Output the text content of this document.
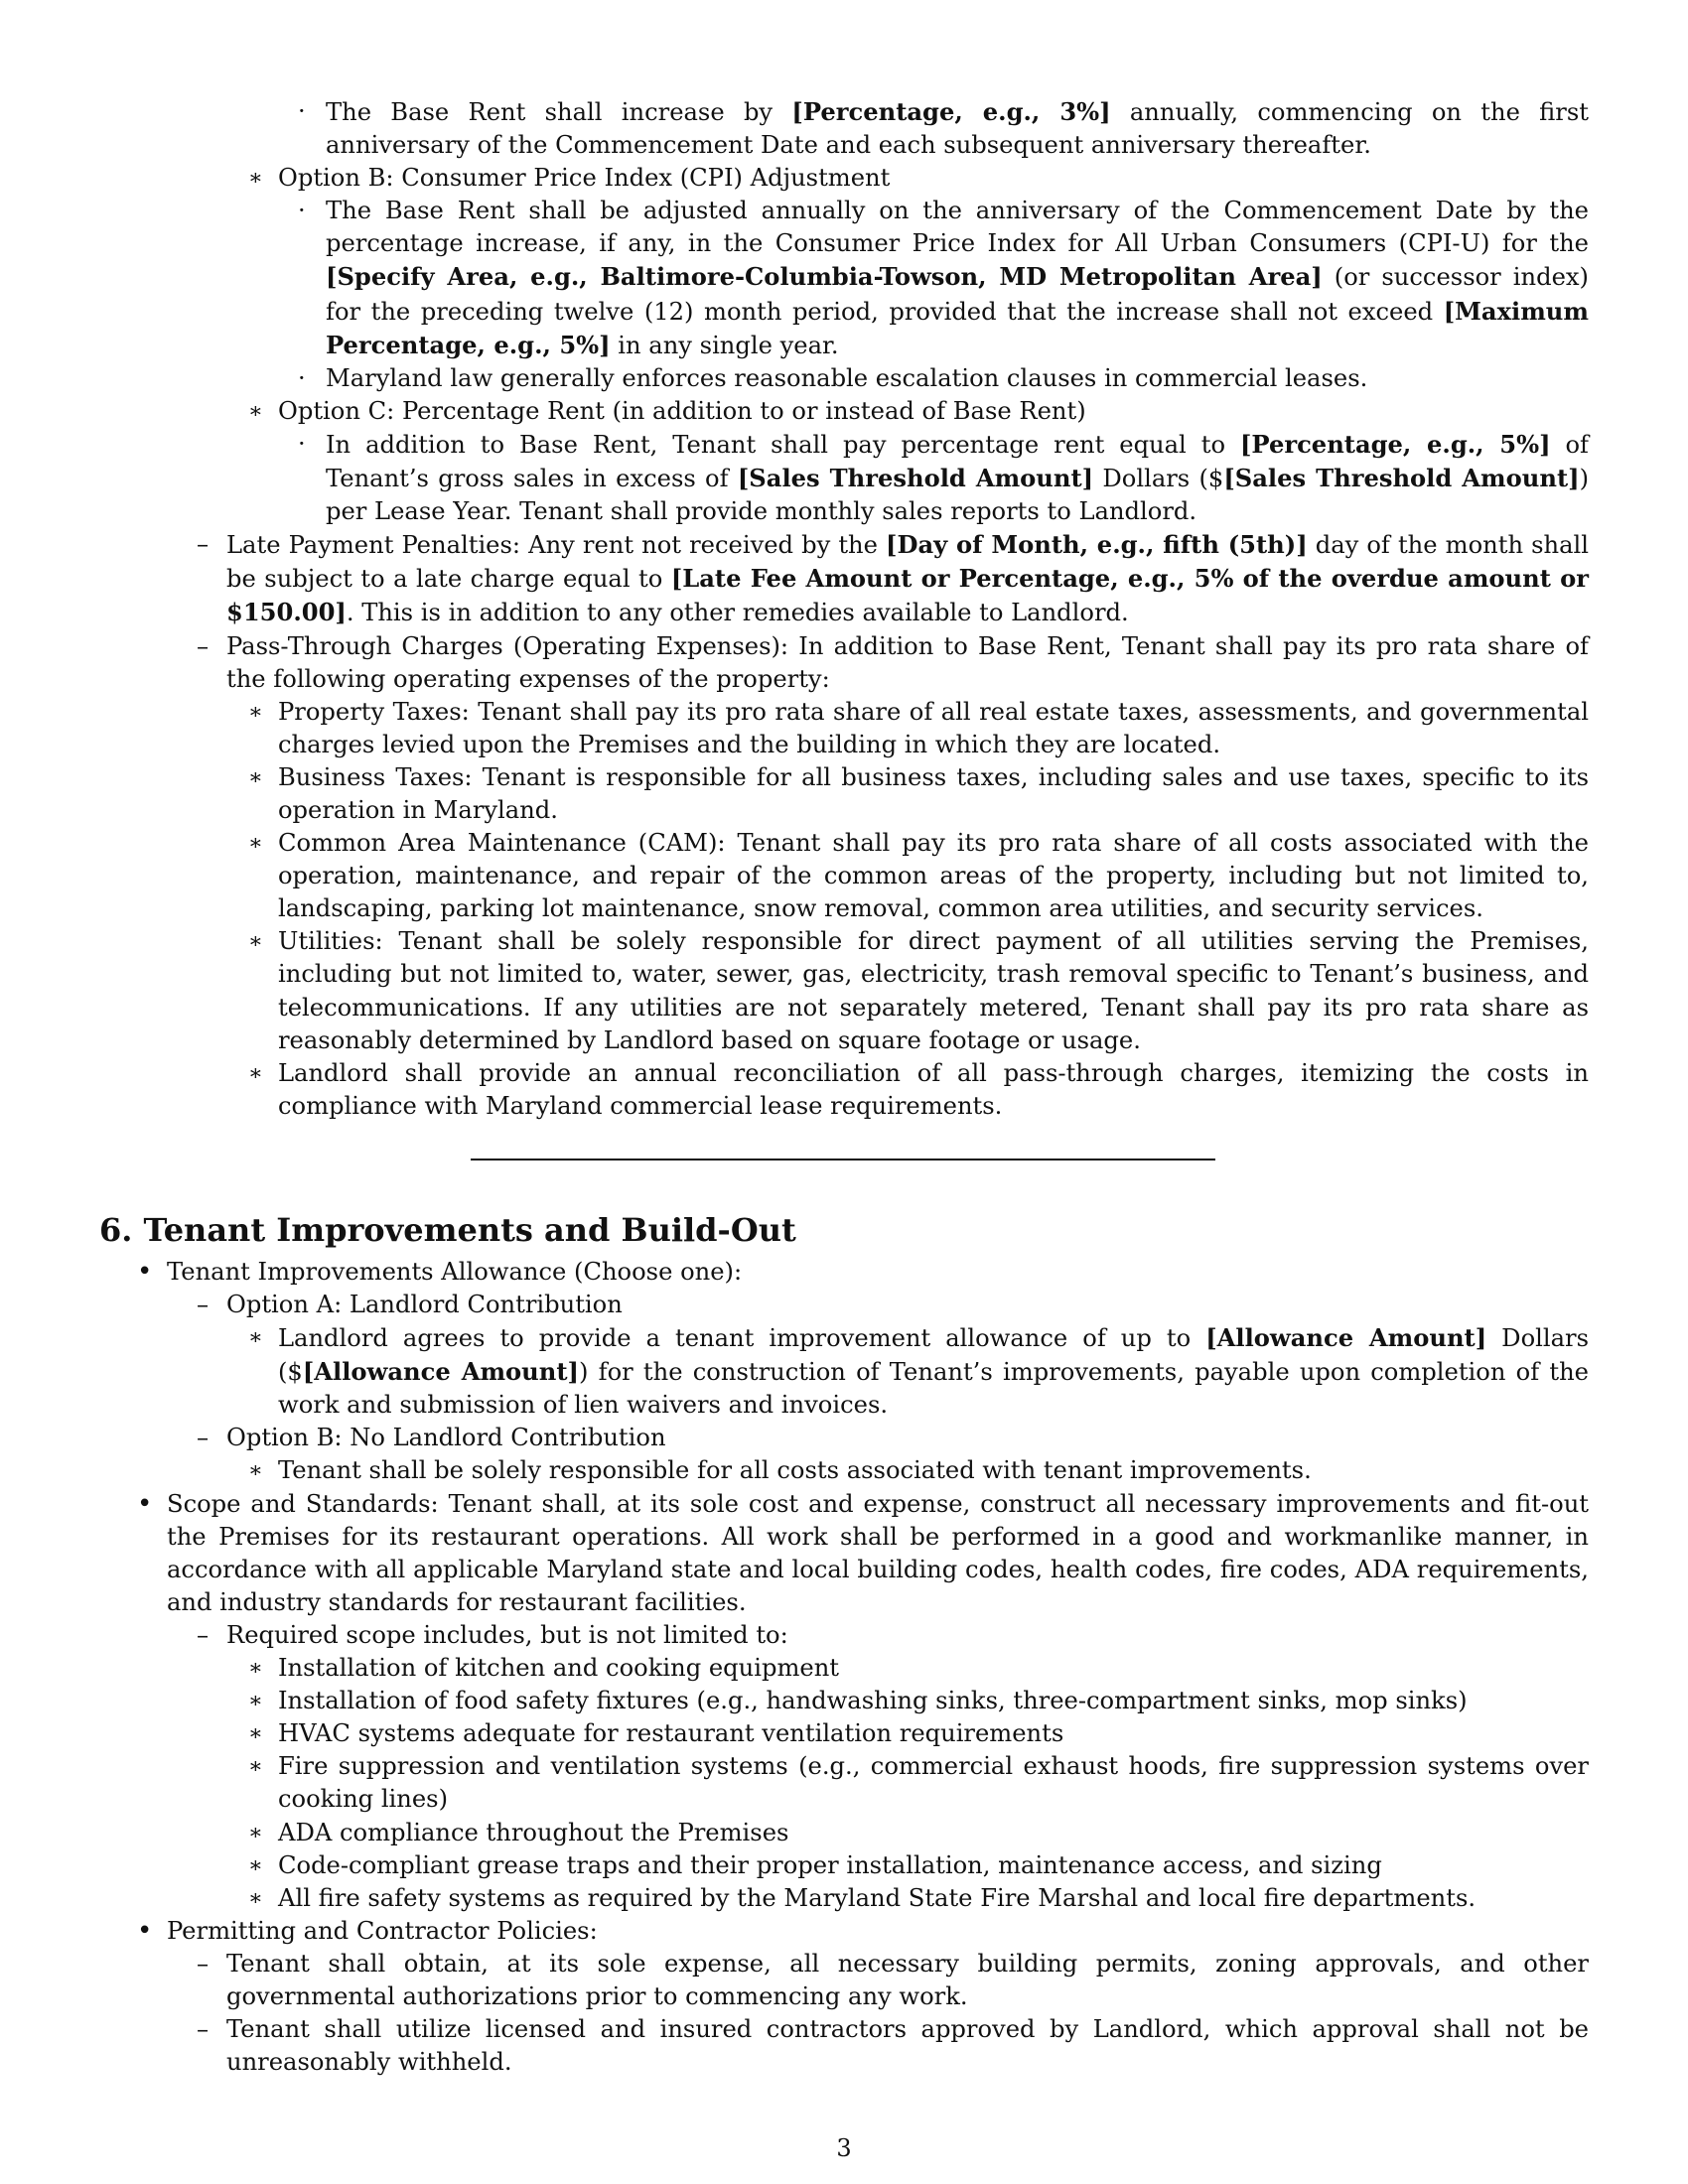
· The Base Rent shall increase by [Percentage, e.g., 3%] annually, commencing on the first anniversary of the Commencement Date and each subsequent anniversary thereafter.
∗ Option B: Consumer Price Index (CPI) Adjustment
· The Base Rent shall be adjusted annually on the anniversary of the Commencement Date by the percentage increase, if any, in the Consumer Price Index for All Urban Consumers (CPI-U) for the [Specify Area, e.g., Baltimore-Columbia-Towson, MD Metropolitan Area] (or successor index) for the preceding twelve (12) month period, provided that the increase shall not exceed [Maximum Percentage, e.g., 5%] in any single year.
· Maryland law generally enforces reasonable escalation clauses in commercial leases.
∗ Option C: Percentage Rent (in addition to or instead of Base Rent)
· In addition to Base Rent, Tenant shall pay percentage rent equal to [Percentage, e.g., 5%] of Tenant’s gross sales in excess of [Sales Threshold Amount] Dollars ($[Sales Threshold Amount]) per Lease Year. Tenant shall provide monthly sales reports to Landlord.
– Late Payment Penalties: Any rent not received by the [Day of Month, e.g., fifth (5th)] day of the month shall be subject to a late charge equal to [Late Fee Amount or Percentage, e.g., 5% of the overdue amount or $150.00]. This is in addition to any other remedies available to Landlord.
– Pass-Through Charges (Operating Expenses): In addition to Base Rent, Tenant shall pay its pro rata share of the following operating expenses of the property:
∗ Property Taxes: Tenant shall pay its pro rata share of all real estate taxes, assessments, and governmental charges levied upon the Premises and the building in which they are located.
∗ Business Taxes: Tenant is responsible for all business taxes, including sales and use taxes, specific to its operation in Maryland.
∗ Common Area Maintenance (CAM): Tenant shall pay its pro rata share of all costs associated with the operation, maintenance, and repair of the common areas of the property, including but not limited to, landscaping, parking lot maintenance, snow removal, common area utilities, and security services.
∗ Utilities: Tenant shall be solely responsible for direct payment of all utilities serving the Premises, including but not limited to, water, sewer, gas, electricity, trash removal specific to Tenant’s business, and telecommunications. If any utilities are not separately metered, Tenant shall pay its pro rata share as reasonably determined by Landlord based on square footage or usage.
∗ Landlord shall provide an annual reconciliation of all pass-through charges, itemizing the costs in compliance with Maryland commercial lease requirements.
6. Tenant Improvements and Build-Out
• Tenant Improvements Allowance (Choose one):
– Option A: Landlord Contribution
∗ Landlord agrees to provide a tenant improvement allowance of up to [Allowance Amount] Dollars ($[Allowance Amount]) for the construction of Tenant’s improvements, payable upon completion of the work and submission of lien waivers and invoices.
– Option B: No Landlord Contribution
∗ Tenant shall be solely responsible for all costs associated with tenant improvements.
• Scope and Standards: Tenant shall, at its sole cost and expense, construct all necessary improvements and fit-out the Premises for its restaurant operations. All work shall be performed in a good and workmanlike manner, in accordance with all applicable Maryland state and local building codes, health codes, fire codes, ADA requirements, and industry standards for restaurant facilities.
– Required scope includes, but is not limited to:
∗ Installation of kitchen and cooking equipment
∗ Installation of food safety fixtures (e.g., handwashing sinks, three-compartment sinks, mop sinks)
∗ HVAC systems adequate for restaurant ventilation requirements
∗ Fire suppression and ventilation systems (e.g., commercial exhaust hoods, fire suppression systems over cooking lines)
∗ ADA compliance throughout the Premises
∗ Code-compliant grease traps and their proper installation, maintenance access, and sizing
∗ All fire safety systems as required by the Maryland State Fire Marshal and local fire departments.
• Permitting and Contractor Policies:
– Tenant shall obtain, at its sole expense, all necessary building permits, zoning approvals, and other governmental authorizations prior to commencing any work.
– Tenant shall utilize licensed and insured contractors approved by Landlord, which approval shall not be unreasonably withheld.
3
